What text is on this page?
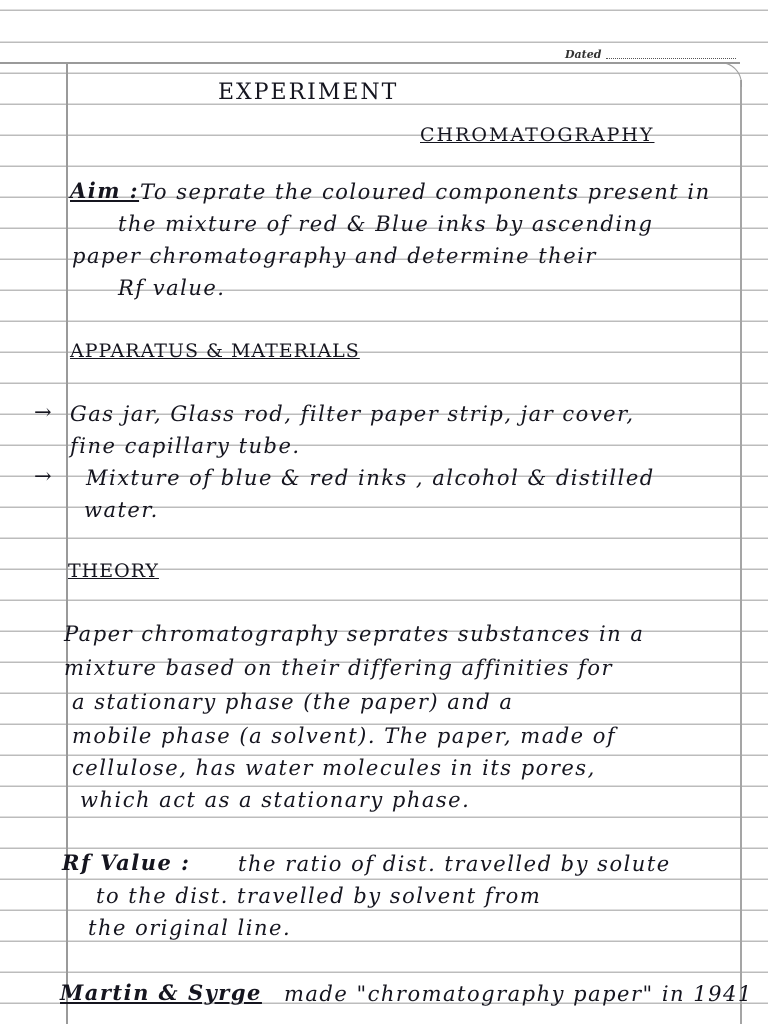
Dated
EXPERIMENT
CHROMATOGRAPHY
Aim : To seprate the coloured components present in
the mixture of red & Blue inks by ascending
paper chromatography and determine their
Rf value.
APPARATUS & MATERIALS
→ Gas jar, Glass rod, filter paper strip, jar cover,
fine capillary tube.
→ Mixture of blue & red inks , alcohol & distilled
water.
THEORY
Paper chromatography seprates substances in a
mixture based on their differing affinities for
a stationary phase (the paper) and a
mobile phase (a solvent). The paper, made of
cellulose, has water molecules in its pores,
which act as a stationary phase.
Rf Value : the ratio of dist. travelled by solute
to the dist. travelled by solvent from
the original line.
Martin & Syrge made "chromatography paper" in 1941
